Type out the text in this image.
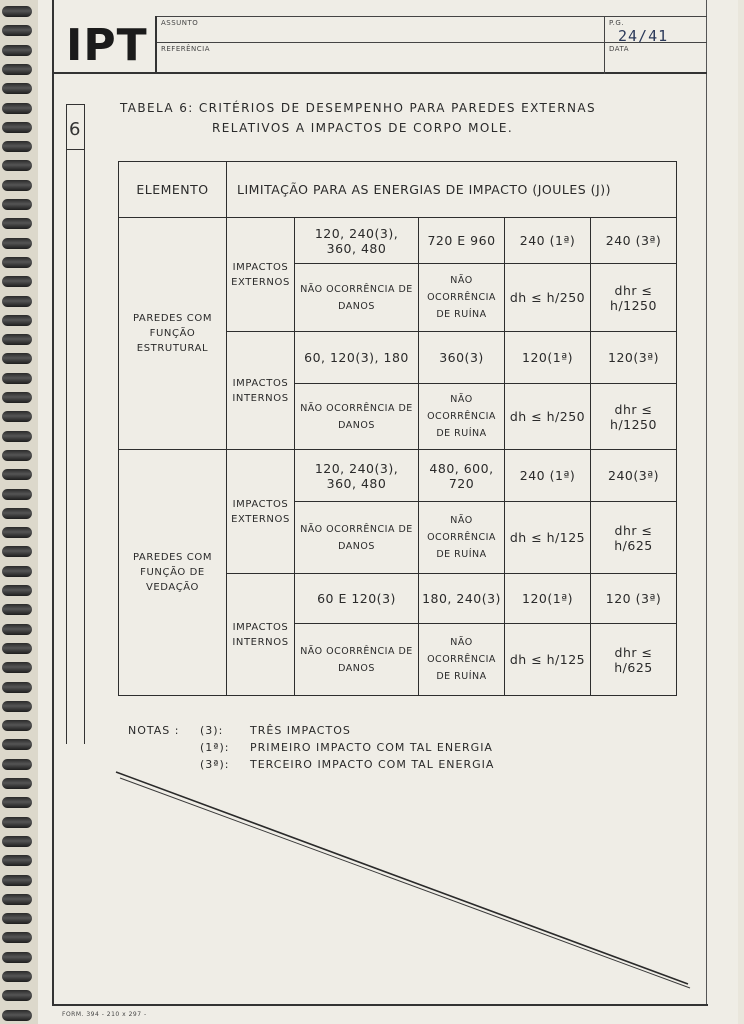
IPT ASSUNTO
REFERÊNCIA
P.G.
DATA
24/41
6
TABELA 6: CRITÉRIOS DE DESEMPENHO PARA PAREDES EXTERNAS
RELATIVOS A IMPACTOS DE CORPO MOLE.
ELEMENTO	LIMITAÇÃO PARA AS ENERGIAS DE IMPACTO (JOULES (J))				
PAREDES COM FUNÇÃO ESTRUTURAL	IMPACTOS EXTERNOS	120, 240(3), 360, 480	720 E 960	240 (1ª)	240 (3ª)
		NÃO OCORRÊNCIA DE DANOS	NÃO OCORRÊNCIA DE RUÍNA	dh ≤ h/250	dhr ≤ h/1250
	IMPACTOS INTERNOS	60, 120(3), 180	360(3)	120(1ª)	120(3ª)
		NÃO OCORRÊNCIA DE DANOS	NÃO OCORRÊNCIA DE RUÍNA	dh ≤ h/250	dhr ≤ h/1250
PAREDES COM FUNÇÃO DE VEDAÇÃO	IMPACTOS EXTERNOS	120, 240(3), 360, 480	480, 600, 720	240 (1ª)	240(3ª)
		NÃO OCORRÊNCIA DE DANOS	NÃO OCORRÊNCIA DE RUÍNA	dh ≤ h/125	dhr ≤ h/625
	IMPACTOS INTERNOS	60 E 120(3)	180, 240(3)	120(1ª)	120 (3ª)
		NÃO OCORRÊNCIA DE DANOS	NÃO OCORRÊNCIA DE RUÍNA	dh ≤ h/125	dhr ≤ h/625
NOTAS :	(3):	TRÊS IMPACTOS
(1ª):	PRIMEIRO IMPACTO COM TAL ENERGIA
(3ª):	TERCEIRO IMPACTO COM TAL ENERGIA
FORM. 394 - 210 x 297 -
